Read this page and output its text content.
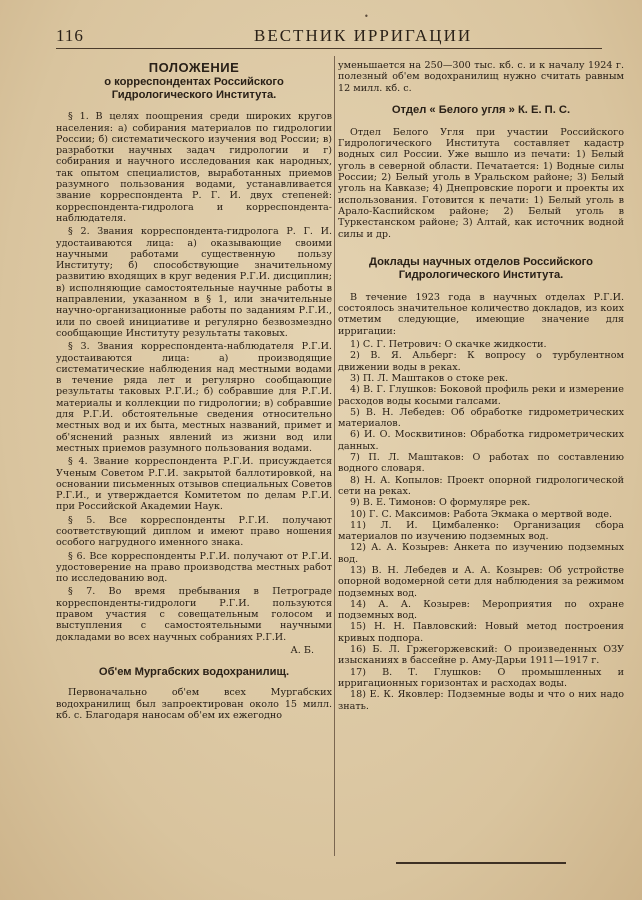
•
116	ВЕСТНИК ИРРИГАЦИИ
ПОЛОЖЕНИЕ
о корреспондентах Российского Гидрологического Института.

§ 1. В целях поощрения среди широких кругов населения: а) собирания материалов по гидрологии России; б) систематического изучения вод России; в) разработки научных задач гидрологии и г) собирания и научного исследования как народных, так опытом специалистов, выработанных приемов разумного пользования водами, устанавливается звание корреспондента Р. Г. И. двух степеней: корреспондента-гидролога и корреспондента-наблюдателя.

§ 2. Звания корреспондента-гидролога Р. Г. И. удостаиваются лица: а) оказывающие своими научными работами существенную пользу Институту; б) способствующие значительному развитию входящих в круг ведения Р.Г.И. дисциплин; в) исполняющие самостоятельные научные работы в направлении, указанном в § 1, или значительные научно-организационные работы по заданиям Р.Г.И., или по своей инициативе и регулярно безвозмездно сообщающие Институту результаты таковых.

§ 3. Звания корреспондента-наблюдателя Р.Г.И. удостаиваются лица: а) производящие систематические наблюдения над местными водами в течение ряда лет и регулярно сообщающие результаты таковых Р.Г.И.; б) собравшие для Р.Г.И. материалы и коллекции по гидрологии; в) собравшие для Р.Г.И. обстоятельные сведения относительно местных вод и их быта, местных названий, примет и об'яснений разных явлений из жизни вод или местных приемов разумного пользования водами.

§ 4. Звание корреспондента Р.Г.И. присуждается Ученым Советом Р.Г.И. закрытой баллотировкой, на основании письменных отзывов специальных Советов Р.Г.И., и утверждается Комитетом по делам Р.Г.И. при Российской Академии Наук.

§ 5. Все корреспонденты Р.Г.И. получают соответствующий диплом и имеют право ношения особого нагрудного именного знака.

§ 6. Все корреспонденты Р.Г.И. получают от Р.Г.И. удостоверение на право производства местных работ по исследованию вод.

§ 7. Во время пребывания в Петрограде корреспонденты-гидрологи Р.Г.И. пользуются правом участия с совещательным голосом и выступления с самостоятельными научными докладами во всех научных собраниях Р.Г.И.

А. Б.

Об'ем Мургабских водохранилищ.

Первоначально об'ем всех Мургабских водохранилищ был запроектирован около 15 милл. кб. с. Благодаря наносам об'ем их ежегодно

уменьшается на 250—300 тыс. кб. с. и к началу 1924 г. полезный об'ем водохранилищ нужно считать равным 12 милл. кб. с.

Отдел « Белого угля » К. Е. П. С.

Отдел Белого Угля при участии Российского Гидрологического Института составляет кадастр водных сил России. Уже вышло из печати: 1) Белый уголь в северной области. Печатается: 1) Водные силы России; 2) Белый уголь в Уральском районе; 3) Белый уголь на Кавказе; 4) Днепровские пороги и проекты их использования. Готовится к печати: 1) Белый уголь в Арало-Каспийском районе; 2) Белый уголь в Туркестанском районе; 3) Алтай, как источник водной силы и др.

Доклады научных отделов Российского Гидрологического Института.

В течение 1923 года в научных отделах Р.Г.И. состоялось значительное количество докладов, из коих отметим следующие, имеющие значение для ирригации:

1) С. Г. Петрович: О скачке жидкости.

2) В. Я. Альберг: К вопросу о турбулентном движении воды в реках.

3) П. Л. Маштаков о стоке рек.

4) В. Г. Глушков: Боковой профиль реки и измерение расходов воды косыми галсами.

5) В. Н. Лебедев: Об обработке гидрометрических материалов.

6) И. О. Москвитинов: Обработка гидрометрических данных.

7) П. Л. Маштаков: О работах по составлению водного словаря.

8) Н. А. Копылов: Проект опорной гидрологической сети на реках.

9) В. Е. Тимонов: О формуляре рек.

10) Г. С. Максимов: Работа Экмака о мертвой воде.

11) Л. И. Цимбаленко: Организация сбора материалов по изучению подземных вод.

12) А. А. Козырев: Анкета по изучению подземных вод.

13) В. Н. Лебедев и А. А. Козырев: Об устройстве опорной водомерной сети для наблюдения за режимом подземных вод.

14) А. А. Козырев: Мероприятия по охране подземных вод.

15) Н. Н. Павловский: Новый метод построения кривых подпора.

16) Б. Л. Гржегоржевский: О произведенных ОЗУ изысканиях в бассейне р. Аму-Дарьи 1911—1917 г.

17) В. Т. Глушков: О промышленных и ирригационных горизонтах и расходах воды.

18) Е. К. Яковлер: Подземные воды и что о них надо знать.
